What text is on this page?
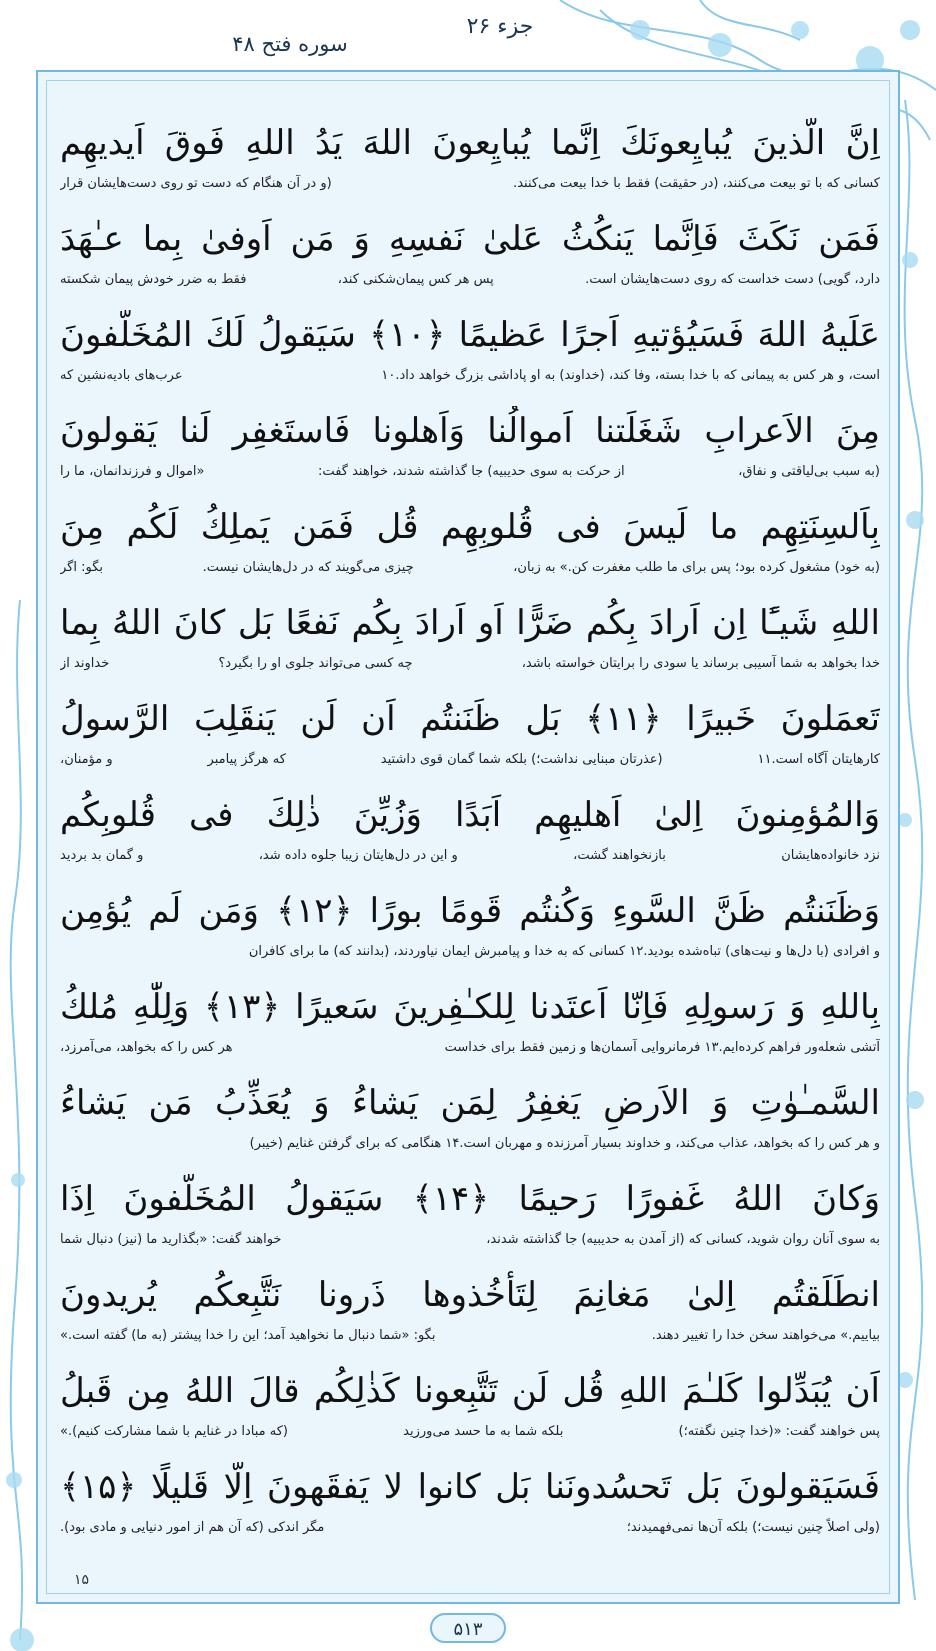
جزء ۲۶
سوره فتح ۴۸
اِنَّ الَّذينَ يُبايِعونَكَ اِنَّما يُبايِعونَ اللهَ يَدُ اللهِ فَوقَ اَيديهِم
کسانی که با تو بیعت می‌کنند، (در حقیقت) فقط با خدا بیعت می‌کنند.
(و در آن هنگام که دست تو روی دست‌هایشان قرار
فَمَن نَكَثَ فَاِنَّما يَنكُثُ عَلىٰ نَفسِهِ وَ مَن اَوفىٰ بِما عـٰهَدَ
دارد، گویی) دست خداست که روی دست‌هایشان است.
پس هر کس پیمان‌شکنی کند،
فقط به ضرر خودش پیمان شکسته
عَلَيهُ اللهَ فَسَيُؤتيهِ اَجرًا عَظيمًا ﴿۱۰﴾ سَيَقولُ لَكَ المُخَلَّفونَ
است، و هر کس به پیمانی که با خدا بسته، وفا کند، (خداوند) به او پاداشی بزرگ خواهد داد.۱۰
عرب‌های بادیه‌نشین که
مِنَ الاَعرابِ شَغَلَتنا اَموالُنا وَاَهلونا فَاستَغفِر لَنا يَقولونَ
(به سبب بی‌لیاقتی و نفاق،
از حرکت به سوی حدیبیه) جا گذاشته شدند، خواهند گفت:
«اموال و فرزندانمان، ما را
بِاَلسِنَتِهِم ما لَيسَ فى قُلوبِهِم قُل فَمَن يَملِكُ لَكُم مِنَ
(به خود) مشغول کرده بود؛ پس برای ما طلب مغفرت کن.» به زبان،
چیزی می‌گویند که در دل‌هایشان نیست.
بگو: اگر
اللهِ شَيـًٔا اِن اَرادَ بِكُم ضَرًّا اَو اَرادَ بِكُم نَفعًا بَل كانَ اللهُ بِما
خدا بخواهد به شما آسیبی برساند یا سودی را برایتان خواسته باشد،
چه کسی می‌تواند جلوی او را بگیرد؟
خداوند از
تَعمَلونَ خَبيرًا ﴿۱۱﴾ بَل ظَنَنتُم اَن لَن يَنقَلِبَ الرَّسولُ
کارهایتان آگاه است.۱۱
(عذرتان مبنایی نداشت؛) بلکه شما گمان قوی داشتید
که هرگز پیامبر
و مؤمنان،
وَالمُؤمِنونَ اِلىٰ اَهليهِم اَبَدًا وَزُيِّنَ ذٰلِكَ فى قُلوبِكُم
نزد خانواده‌هایشان
بازنخواهند گشت،
و این در دل‌هایتان زیبا جلوه داده شد،
و گمان بد بردید
وَظَنَنتُم ظَنَّ السَّوءِ وَكُنتُم قَومًا بورًا ﴿۱۲﴾ وَمَن لَم يُؤمِن
و افرادی (با دل‌ها و نیت‌های) تباه‌شده بودید.۱۲ کسانی که به خدا و پیامبرش ایمان نیاوردند، (بدانند که) ما برای کافران
بِاللهِ وَ رَسولِهِ فَاِنّا اَعتَدنا لِلكـٰفِرينَ سَعيرًا ﴿۱۳﴾ وَلِلّٰهِ مُلكُ
آتشی شعله‌ور فراهم کرده‌ایم.۱۳ فرمانروایی آسمان‌ها و زمین فقط برای خداست
هر کس را که بخواهد، می‌آمرزد،
السَّمـٰوٰتِ وَ الاَرضِ يَغفِرُ لِمَن يَشاءُ وَ يُعَذِّبُ مَن يَشاءُ
و هر کس را که بخواهد، عذاب می‌کند، و خداوند بسیار آمرزنده و مهربان است.۱۴ هنگامی که برای گرفتن غنایم (خیبر)
وَكانَ اللهُ غَفورًا رَحيمًا ﴿۱۴﴾ سَيَقولُ المُخَلَّفونَ اِذَا
به سوی آنان روان شوید، کسانی که (از آمدن به حدیبیه) جا گذاشته شدند،
خواهند گفت: «بگذارید ما (نیز) دنبال شما
انطَلَقتُم اِلىٰ مَغانِمَ لِتَأخُذوها ذَرونا نَتَّبِعكُم يُريدونَ
بیاییم.» می‌خواهند سخن خدا را تغییر دهند.
بگو: «شما دنبال ما نخواهید آمد؛ این را خدا پیشتر (به ما) گفته است.»
اَن يُبَدِّلوا كَلـٰمَ اللهِ قُل لَن تَتَّبِعونا كَذٰلِكُم قالَ اللهُ مِن قَبلُ
پس خواهند گفت: «(خدا چنین نگفته؛)
بلکه شما به ما حسد می‌ورزید
(که مبادا در غنایم با شما مشارکت کنیم).»
فَسَيَقولونَ بَل تَحسُدونَنا بَل كانوا لا يَفقَهونَ اِلّا قَليلًا ﴿۱۵﴾
(ولی اصلاً چنین نیست؛) بلکه آن‌ها نمی‌فهمیدند؛
مگر اندکی (که آن هم از امور دنیایی و مادی بود).
۱۵
۵۱۳
